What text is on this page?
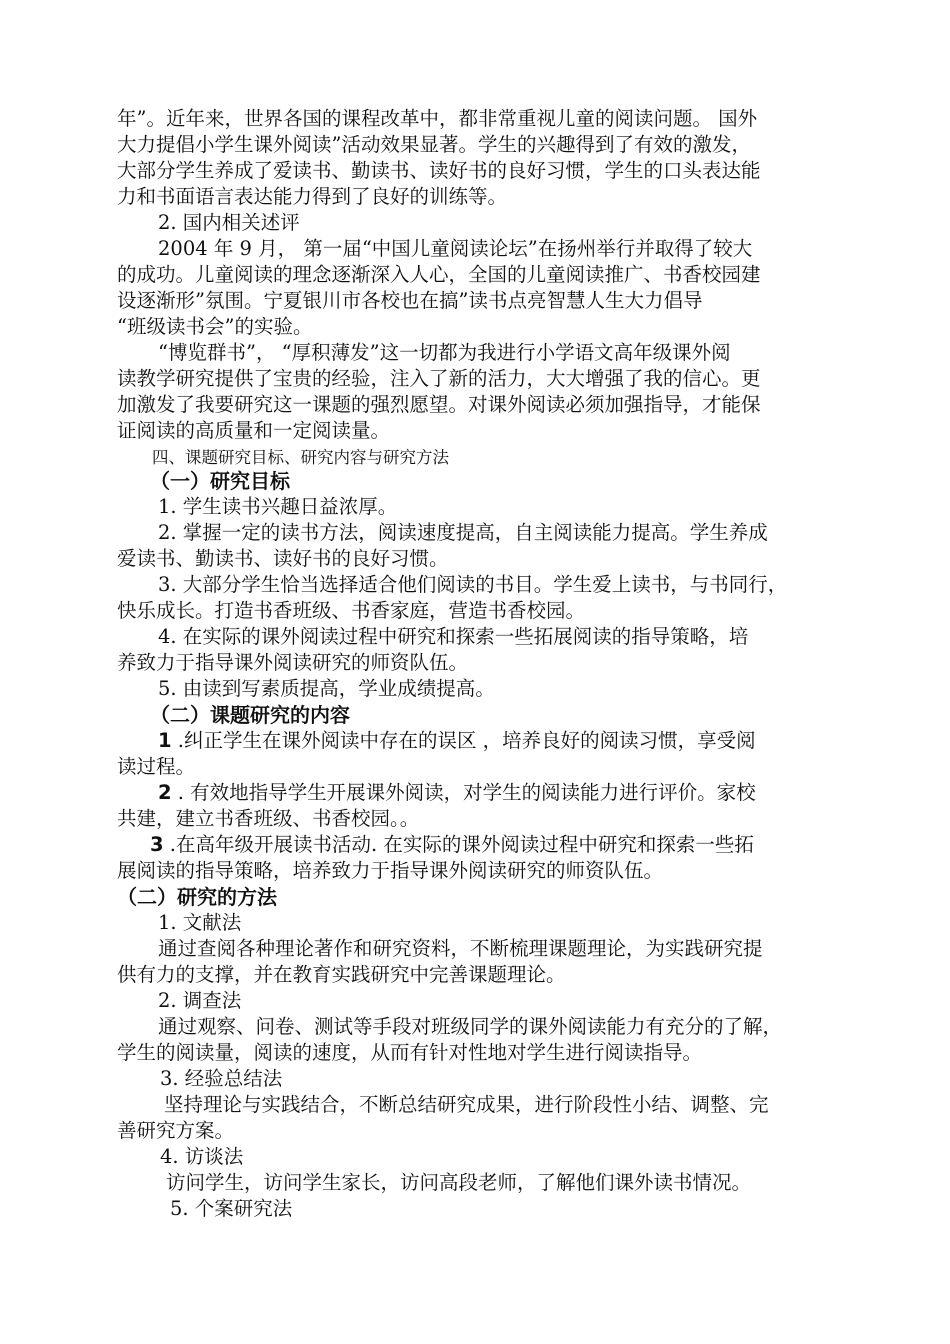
年”。近年来，世界各国的课程改革中，都非常重视儿童的阅读问题。 国外
大力提倡小学生课外阅读”活动效果显著。学生的兴趣得到了有效的激发，
大部分学生养成了爱读书、勤读书、读好书的良好习惯，学生的口头表达能
力和书面语言表达能力得到了良好的训练等。
2. 国内相关述评
2004 年 9 月， 第一届“中国儿童阅读论坛”在扬州举行并取得了较大
的成功。儿童阅读的理念逐渐深入人心，全国的儿童阅读推广、书香校园建
设逐渐形”氛围。宁夏银川市各校也在搞”读书点亮智慧人生大力倡导
“班级读书会”的实验。
“博览群书”， “厚积薄发”这一切都为我进行小学语文高年级课外阅
读教学研究提供了宝贵的经验，注入了新的活力，大大增强了我的信心。更
加激发了我要研究这一课题的强烈愿望。对课外阅读必须加强指导，才能保
证阅读的高质量和一定阅读量。
四、课题研究目标、研究内容与研究方法
（一）研究目标
1. 学生读书兴趣日益浓厚。
2. 掌握一定的读书方法，阅读速度提高，自主阅读能力提高。学生养成
爱读书、勤读书、读好书的良好习惯。
3. 大部分学生恰当选择适合他们阅读的书目。学生爱上读书，与书同行，
快乐成长。打造书香班级、书香家庭，营造书香校园。
4. 在实际的课外阅读过程中研究和探索一些拓展阅读的指导策略，培
养致力于指导课外阅读研究的师资队伍。
5. 由读到写素质提高，学业成绩提高。
（二）课题研究的内容
1 .纠正学生在课外阅读中存在的误区 ，培养良好的阅读习惯，享受阅
读过程。
2 . 有效地指导学生开展课外阅读，对学生的阅读能力进行评价。家校
共建，建立书香班级、书香校园。。
3 .在高年级开展读书活动. 在实际的课外阅读过程中研究和探索一些拓
展阅读的指导策略，培养致力于指导课外阅读研究的师资队伍。
（二）研究的方法
1. 文献法
通过查阅各种理论著作和研究资料，不断梳理课题理论，为实践研究提
供有力的支撑，并在教育实践研究中完善课题理论。
2. 调查法
通过观察、问卷、测试等手段对班级同学的课外阅读能力有充分的了解，
学生的阅读量，阅读的速度，从而有针对性地对学生进行阅读指导。
3. 经验总结法
坚持理论与实践结合，不断总结研究成果，进行阶段性小结、调整、完
善研究方案。
4. 访谈法
访问学生，访问学生家长，访问高段老师，了解他们课外读书情况。
5. 个案研究法
